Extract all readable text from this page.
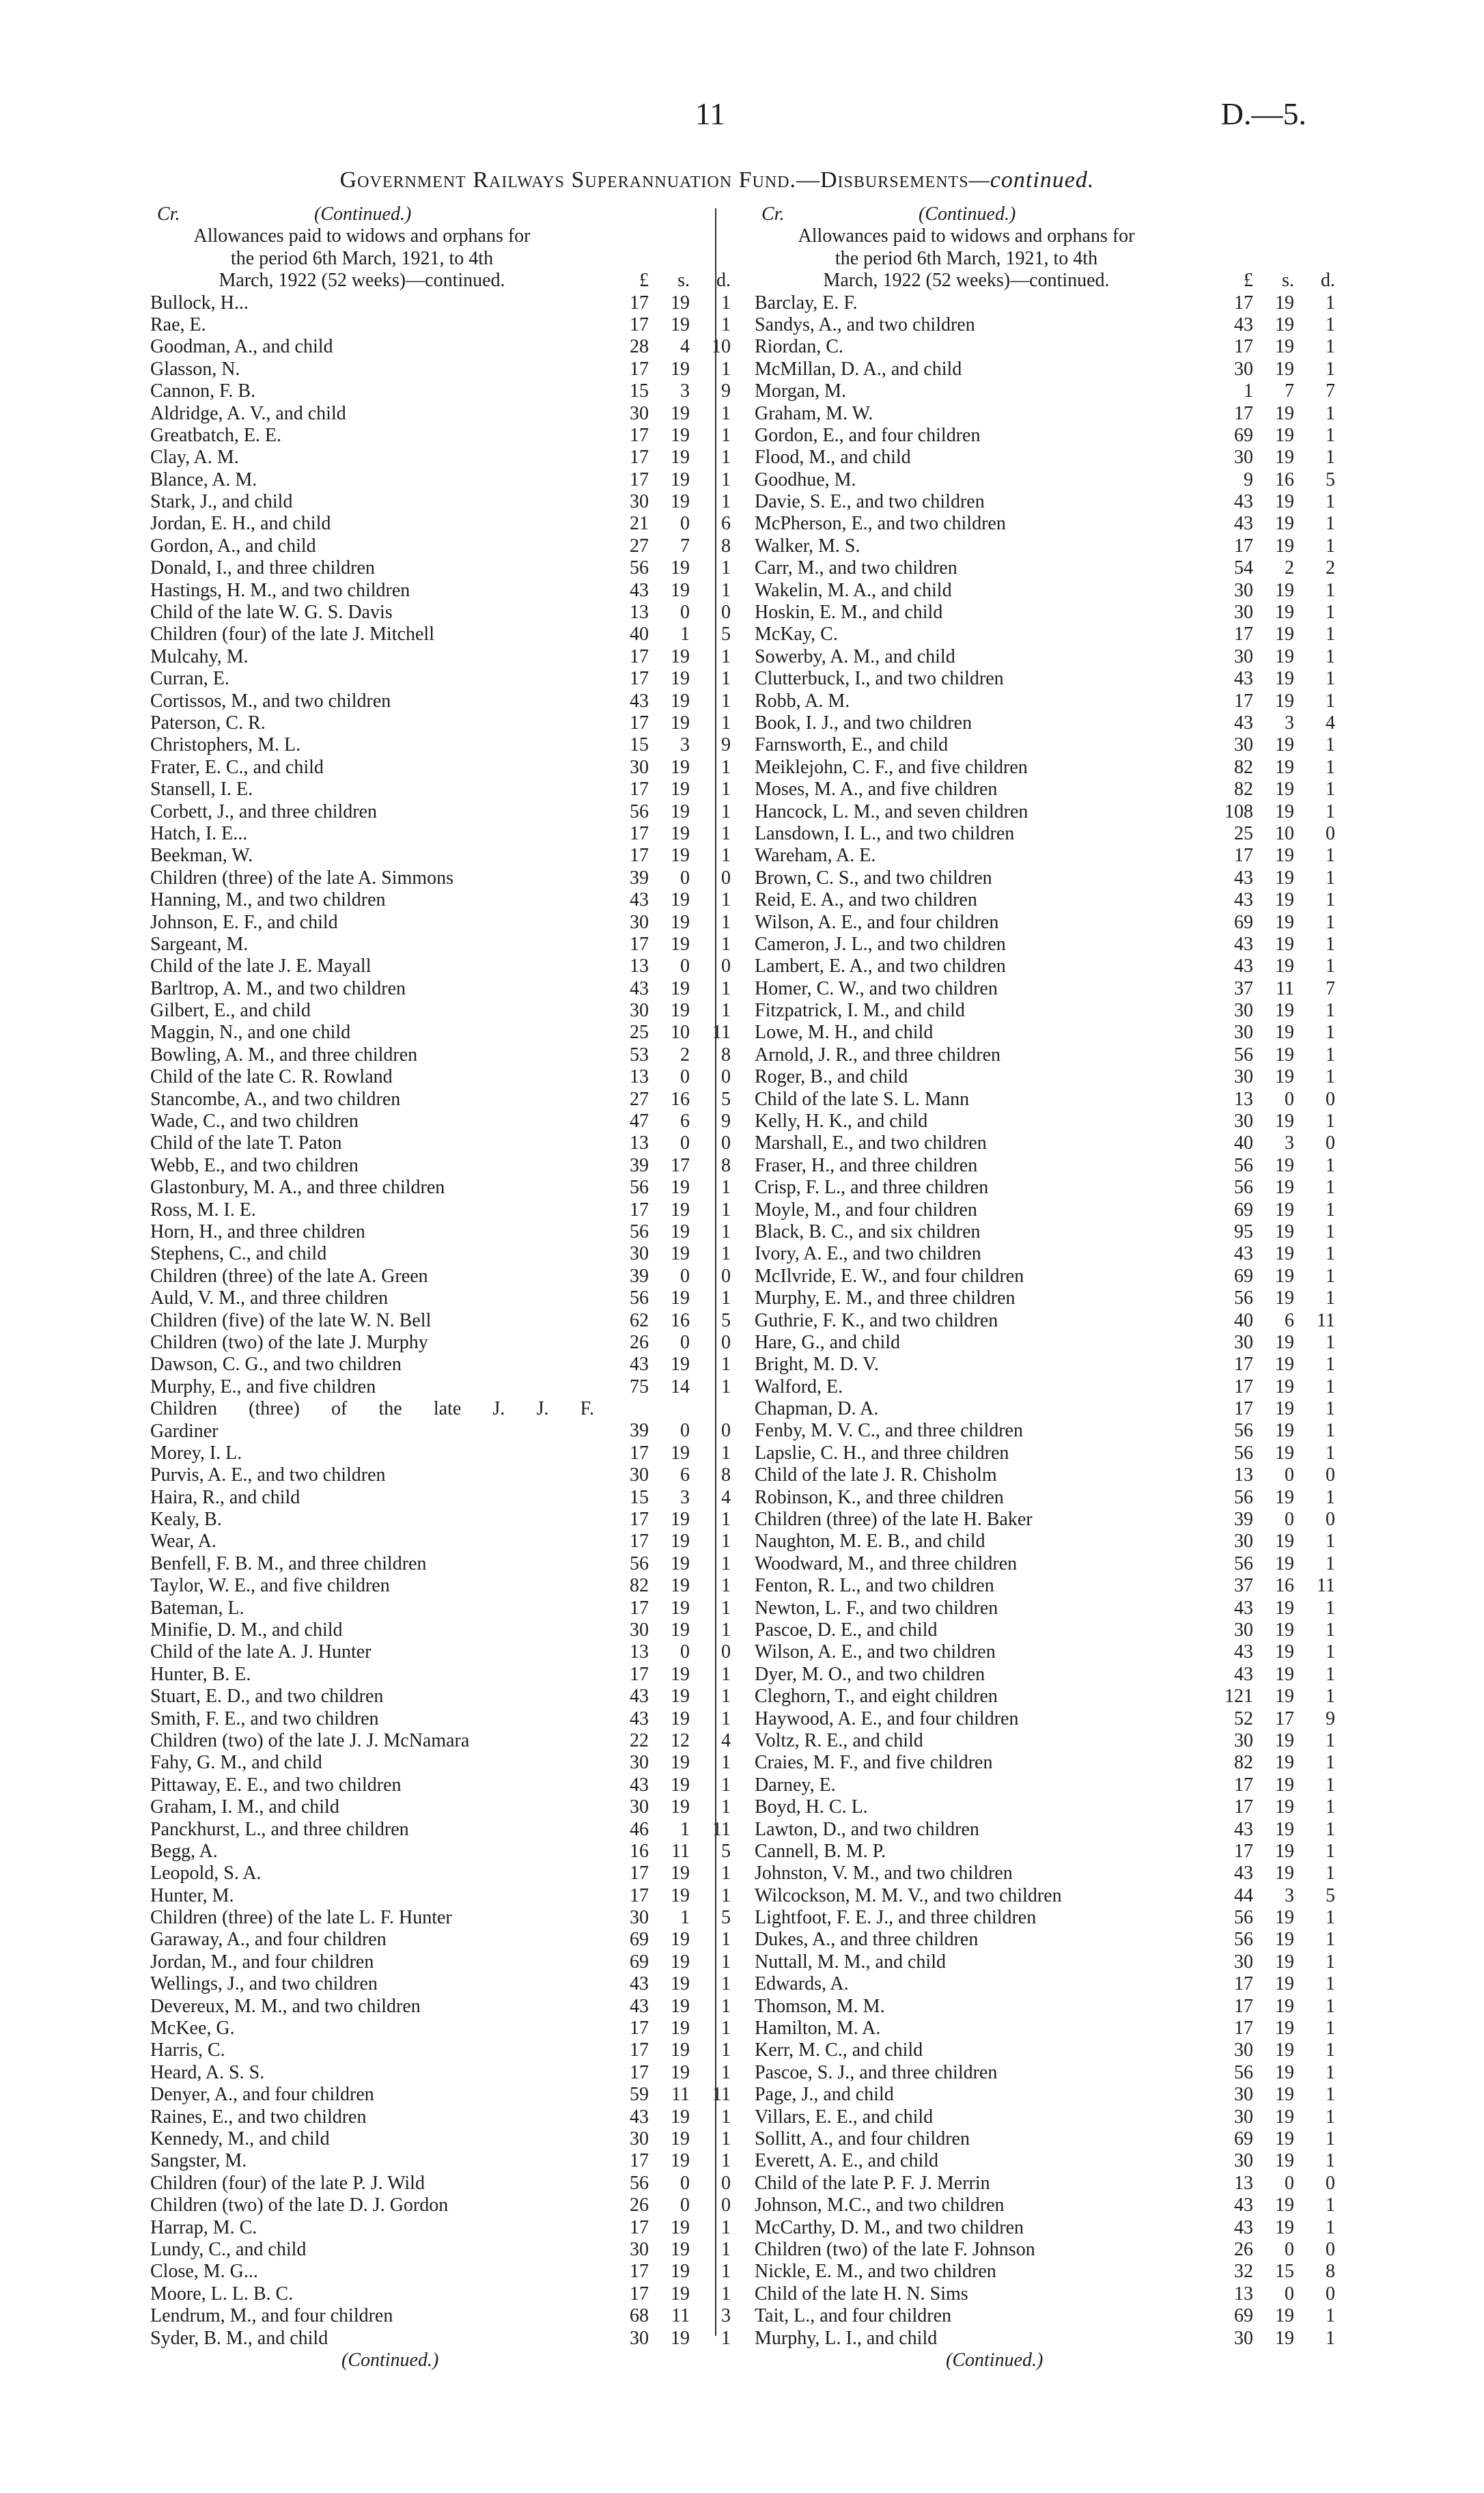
11	D.—5.
Government Railways Superannuation Fund.—Disbursements—continued.
Cr.	(Continued.)
Allowances paid to widows and orphans for
the period 6th March, 1921, to 4th
March, 1922 (52 weeks)—continued.	£	s.	d.
Bullock, H...	17	19	1
Rae, E.	17	19	1
Goodman, A., and child	28	4	10
Glasson, N.	17	19	1
Cannon, F. B.	15	3	9
Aldridge, A. V., and child	30	19	1
Greatbatch, E. E.	17	19	1
Clay, A. M.	17	19	1
Blance, A. M.	17	19	1
Stark, J., and child	30	19	1
Jordan, E. H., and child	21	0	6
Gordon, A., and child	27	7	8
Donald, I., and three children	56	19	1
Hastings, H. M., and two children	43	19	1
Child of the late W. G. S. Davis	13	0	0
Children (four) of the late J. Mitchell	40	1	5
Mulcahy, M.	17	19	1
Curran, E.	17	19	1
Cortissos, M., and two children	43	19	1
Paterson, C. R.	17	19	1
Christophers, M. L.	15	3	9
Frater, E. C., and child	30	19	1
Stansell, I. E.	17	19	1
Corbett, J., and three children	56	19	1
Hatch, I. E...	17	19	1
Beekman, W.	17	19	1
Children (three) of the late A. Simmons	39	0	0
Hanning, M., and two children	43	19	1
Johnson, E. F., and child	30	19	1
Sargeant, M.	17	19	1
Child of the late J. E. Mayall	13	0	0
Barltrop, A. M., and two children	43	19	1
Gilbert, E., and child	30	19	1
Maggin, N., and one child	25	10	11
Bowling, A. M., and three children	53	2	8
Child of the late C. R. Rowland	13	0	0
Stancombe, A., and two children	27	16	5
Wade, C., and two children	47	6	9
Child of the late T. Paton	13	0	0
Webb, E., and two children	39	17	8
Glastonbury, M. A., and three children	56	19	1
Ross, M. I. E.	17	19	1
Horn, H., and three children	56	19	1
Stephens, C., and child	30	19	1
Children (three) of the late A. Green	39	0	0
Auld, V. M., and three children	56	19	1
Children (five) of the late W. N. Bell	62	16	5
Children (two) of the late J. Murphy	26	0	0
Dawson, C. G., and two children	43	19	1
Murphy, E., and five children	75	14	1
Children (three) of the late J. J. F.
Gardiner	39	0	0
Morey, I. L.	17	19	1
Purvis, A. E., and two children	30	6	8
Haira, R., and child	15	3	4
Kealy, B.	17	19	1
Wear, A.	17	19	1
Benfell, F. B. M., and three children	56	19	1
Taylor, W. E., and five children	82	19	1
Bateman, L.	17	19	1
Minifie, D. M., and child	30	19	1
Child of the late A. J. Hunter	13	0	0
Hunter, B. E.	17	19	1
Stuart, E. D., and two children	43	19	1
Smith, F. E., and two children	43	19	1
Children (two) of the late J. J. McNamara	22	12	4
Fahy, G. M., and child	30	19	1
Pittaway, E. E., and two children	43	19	1
Graham, I. M., and child	30	19	1
Panckhurst, L., and three children	46	1	11
Begg, A.	16	11	5
Leopold, S. A.	17	19	1
Hunter, M.	17	19	1
Children (three) of the late L. F. Hunter	30	1	5
Garaway, A., and four children	69	19	1
Jordan, M., and four children	69	19	1
Wellings, J., and two children	43	19	1
Devereux, M. M., and two children	43	19	1
McKee, G.	17	19	1
Harris, C.	17	19	1
Heard, A. S. S.	17	19	1
Denyer, A., and four children	59	11	11
Raines, E., and two children	43	19	1
Kennedy, M., and child	30	19	1
Sangster, M.	17	19	1
Children (four) of the late P. J. Wild	56	0	0
Children (two) of the late D. J. Gordon	26	0	0
Harrap, M. C.	17	19	1
Lundy, C., and child	30	19	1
Close, M. G...	17	19	1
Moore, L. L. B. C.	17	19	1
Lendrum, M., and four children	68	11	3
Syder, B. M., and child	30	19	1
(Continued.)
Cr.	(Continued.)
Allowances paid to widows and orphans for
the period 6th March, 1921, to 4th
March, 1922 (52 weeks)—continued.	£	s.	d.
Barclay, E. F.	17	19	1
Sandys, A., and two children	43	19	1
Riordan, C.	17	19	1
McMillan, D. A., and child	30	19	1
Morgan, M.	1	7	7
Graham, M. W.	17	19	1
Gordon, E., and four children	69	19	1
Flood, M., and child	30	19	1
Goodhue, M.	9	16	5
Davie, S. E., and two children	43	19	1
McPherson, E., and two children	43	19	1
Walker, M. S.	17	19	1
Carr, M., and two children	54	2	2
Wakelin, M. A., and child	30	19	1
Hoskin, E. M., and child	30	19	1
McKay, C.	17	19	1
Sowerby, A. M., and child	30	19	1
Clutterbuck, I., and two children	43	19	1
Robb, A. M.	17	19	1
Book, I. J., and two children	43	3	4
Farnsworth, E., and child	30	19	1
Meiklejohn, C. F., and five children	82	19	1
Moses, M. A., and five children	82	19	1
Hancock, L. M., and seven children	108	19	1
Lansdown, I. L., and two children	25	10	0
Wareham, A. E.	17	19	1
Brown, C. S., and two children	43	19	1
Reid, E. A., and two children	43	19	1
Wilson, A. E., and four children	69	19	1
Cameron, J. L., and two children	43	19	1
Lambert, E. A., and two children	43	19	1
Homer, C. W., and two children	37	11	7
Fitzpatrick, I. M., and child	30	19	1
Lowe, M. H., and child	30	19	1
Arnold, J. R., and three children	56	19	1
Roger, B., and child	30	19	1
Child of the late S. L. Mann	13	0	0
Kelly, H. K., and child	30	19	1
Marshall, E., and two children	40	3	0
Fraser, H., and three children	56	19	1
Crisp, F. L., and three children	56	19	1
Moyle, M., and four children	69	19	1
Black, B. C., and six children	95	19	1
Ivory, A. E., and two children	43	19	1
McIlvride, E. W., and four children	69	19	1
Murphy, E. M., and three children	56	19	1
Guthrie, F. K., and two children	40	6	11
Hare, G., and child	30	19	1
Bright, M. D. V.	17	19	1
Walford, E.	17	19	1
Chapman, D. A.	17	19	1
Fenby, M. V. C., and three children	56	19	1
Lapslie, C. H., and three children	56	19	1
Child of the late J. R. Chisholm	13	0	0
Robinson, K., and three children	56	19	1
Children (three) of the late H. Baker	39	0	0
Naughton, M. E. B., and child	30	19	1
Woodward, M., and three children	56	19	1
Fenton, R. L., and two children	37	16	11
Newton, L. F., and two children	43	19	1
Pascoe, D. E., and child	30	19	1
Wilson, A. E., and two children	43	19	1
Dyer, M. O., and two children	43	19	1
Cleghorn, T., and eight children	121	19	1
Haywood, A. E., and four children	52	17	9
Voltz, R. E., and child	30	19	1
Craies, M. F., and five children	82	19	1
Darney, E.	17	19	1
Boyd, H. C. L.	17	19	1
Lawton, D., and two children	43	19	1
Cannell, B. M. P.	17	19	1
Johnston, V. M., and two children	43	19	1
Wilcockson, M. M. V., and two children	44	3	5
Lightfoot, F. E. J., and three children	56	19	1
Dukes, A., and three children	56	19	1
Nuttall, M. M., and child	30	19	1
Edwards, A.	17	19	1
Thomson, M. M.	17	19	1
Hamilton, M. A.	17	19	1
Kerr, M. C., and child	30	19	1
Pascoe, S. J., and three children	56	19	1
Page, J., and child	30	19	1
Villars, E. E., and child	30	19	1
Sollitt, A., and four children	69	19	1
Everett, A. E., and child	30	19	1
Child of the late P. F. J. Merrin	13	0	0
Johnson, M.C., and two children	43	19	1
McCarthy, D. M., and two children	43	19	1
Children (two) of the late F. Johnson	26	0	0
Nickle, E. M., and two children	32	15	8
Child of the late H. N. Sims	13	0	0
Tait, L., and four children	69	19	1
Murphy, L. I., and child	30	19	1
(Continued.)
